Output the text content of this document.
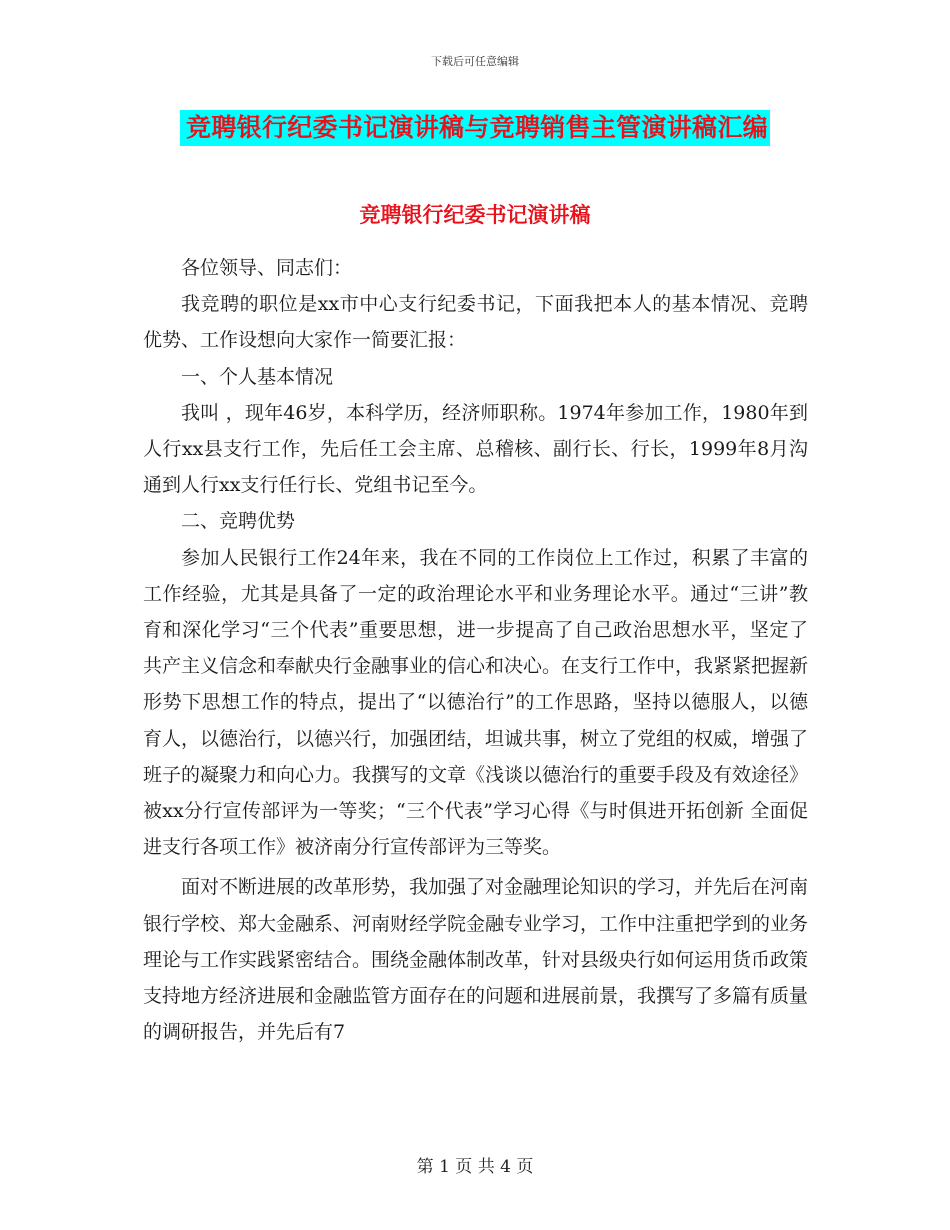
下载后可任意编辑
竞聘银行纪委书记演讲稿与竞聘销售主管演讲稿汇编
竞聘银行纪委书记演讲稿

各位领导、同志们：

我竞聘的职位是xx市中心支行纪委书记，下面我把本人的基本情况、竞聘优势、工作设想向大家作一简要汇报：

一、个人基本情况

我叫 ，现年46岁，本科学历，经济师职称。1974年参加工作，1980年到人行xx县支行工作，先后任工会主席、总稽核、副行长、行长，1999年8月沟通到人行xx支行任行长、党组书记至今。

二、竞聘优势

参加人民银行工作24年来，我在不同的工作岗位上工作过，积累了丰富的工作经验，尤其是具备了一定的政治理论水平和业务理论水平。通过“三讲”教育和深化学习“三个代表”重要思想，进一步提高了自己政治思想水平，坚定了共产主义信念和奉献央行金融事业的信心和决心。在支行工作中，我紧紧把握新形势下思想工作的特点，提出了“以德治行”的工作思路，坚持以德服人，以德育人，以德治行，以德兴行，加强团结，坦诚共事，树立了党组的权威，增强了班子的凝聚力和向心力。我撰写的文章《浅谈以德治行的重要手段及有效途径》被xx分行宣传部评为一等奖；“三个代表”学习心得《与时俱进开拓创新 全面促进支行各项工作》被济南分行宣传部评为三等奖。

面对不断进展的改革形势，我加强了对金融理论知识的学习，并先后在河南银行学校、郑大金融系、河南财经学院金融专业学习，工作中注重把学到的业务理论与工作实践紧密结合。围绕金融体制改革，针对县级央行如何运用货币政策支持地方经济进展和金融监管方面存在的问题和进展前景，我撰写了多篇有质量的调研报告，并先后有7

第 1 页 共 4 页
